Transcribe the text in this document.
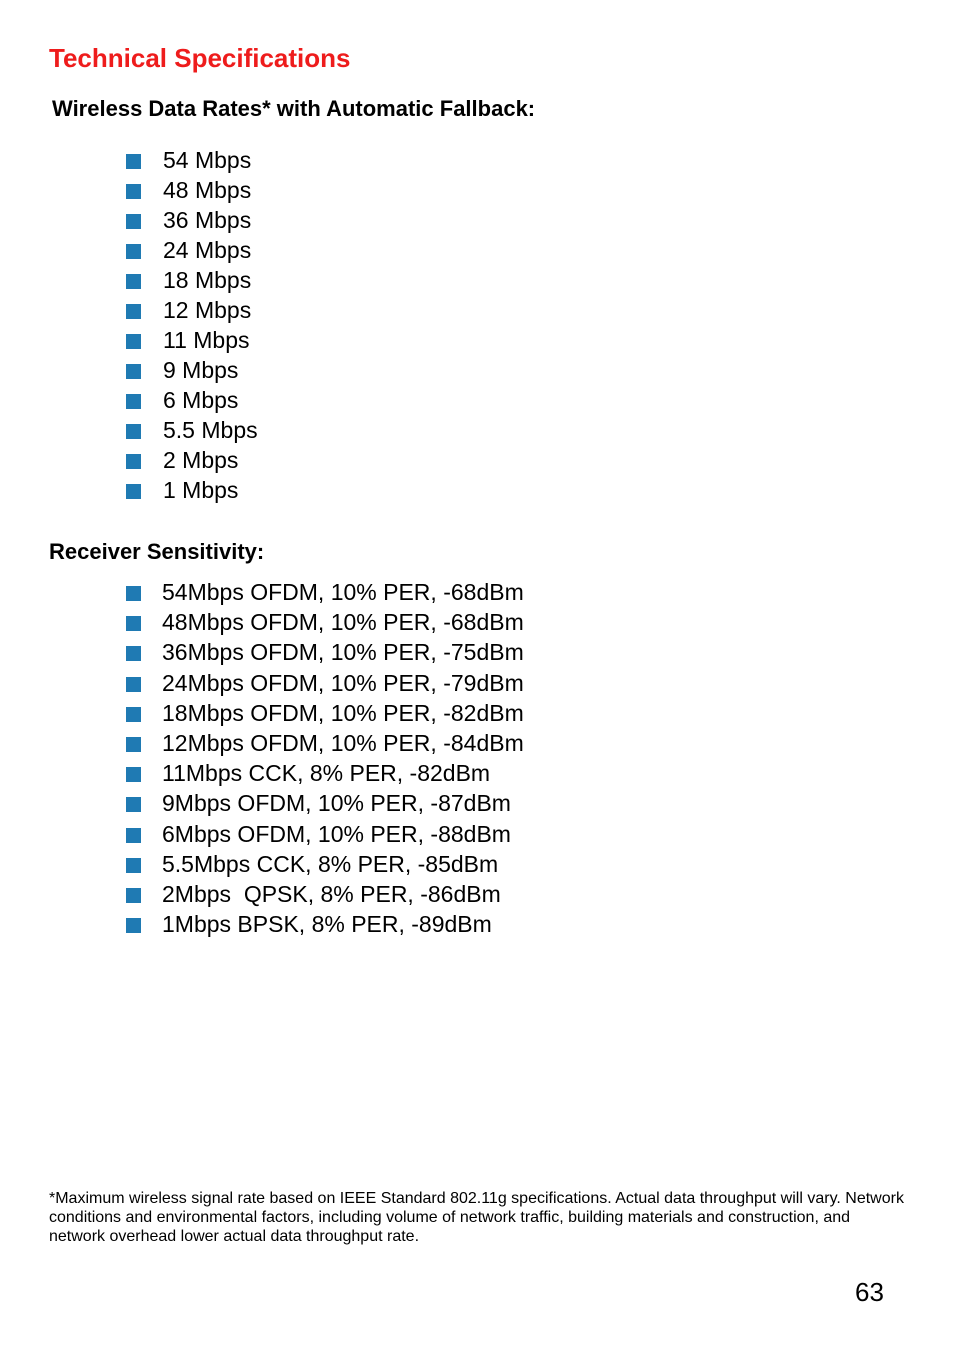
Technical Specifications
Wireless Data Rates* with Automatic Fallback:
54 Mbps
48 Mbps
36 Mbps
24 Mbps
18 Mbps
12 Mbps
11 Mbps
9 Mbps
6 Mbps
5.5 Mbps
2 Mbps
1 Mbps
Receiver Sensitivity:
54Mbps OFDM, 10% PER, -68dBm
48Mbps OFDM, 10% PER, -68dBm
36Mbps OFDM, 10% PER, -75dBm
24Mbps OFDM, 10% PER, -79dBm
18Mbps OFDM, 10% PER, -82dBm
12Mbps OFDM, 10% PER, -84dBm
11Mbps CCK, 8% PER, -82dBm
9Mbps OFDM, 10% PER, -87dBm
6Mbps OFDM, 10% PER, -88dBm
5.5Mbps CCK, 8% PER, -85dBm
2Mbps  QPSK, 8% PER, -86dBm
1Mbps BPSK, 8% PER, -89dBm
*Maximum wireless signal rate based on IEEE Standard 802.11g specifications. Actual data throughput will vary. Network conditions and environmental factors, including volume of network traffic, building materials and construction, and network overhead lower actual data throughput rate.
63
